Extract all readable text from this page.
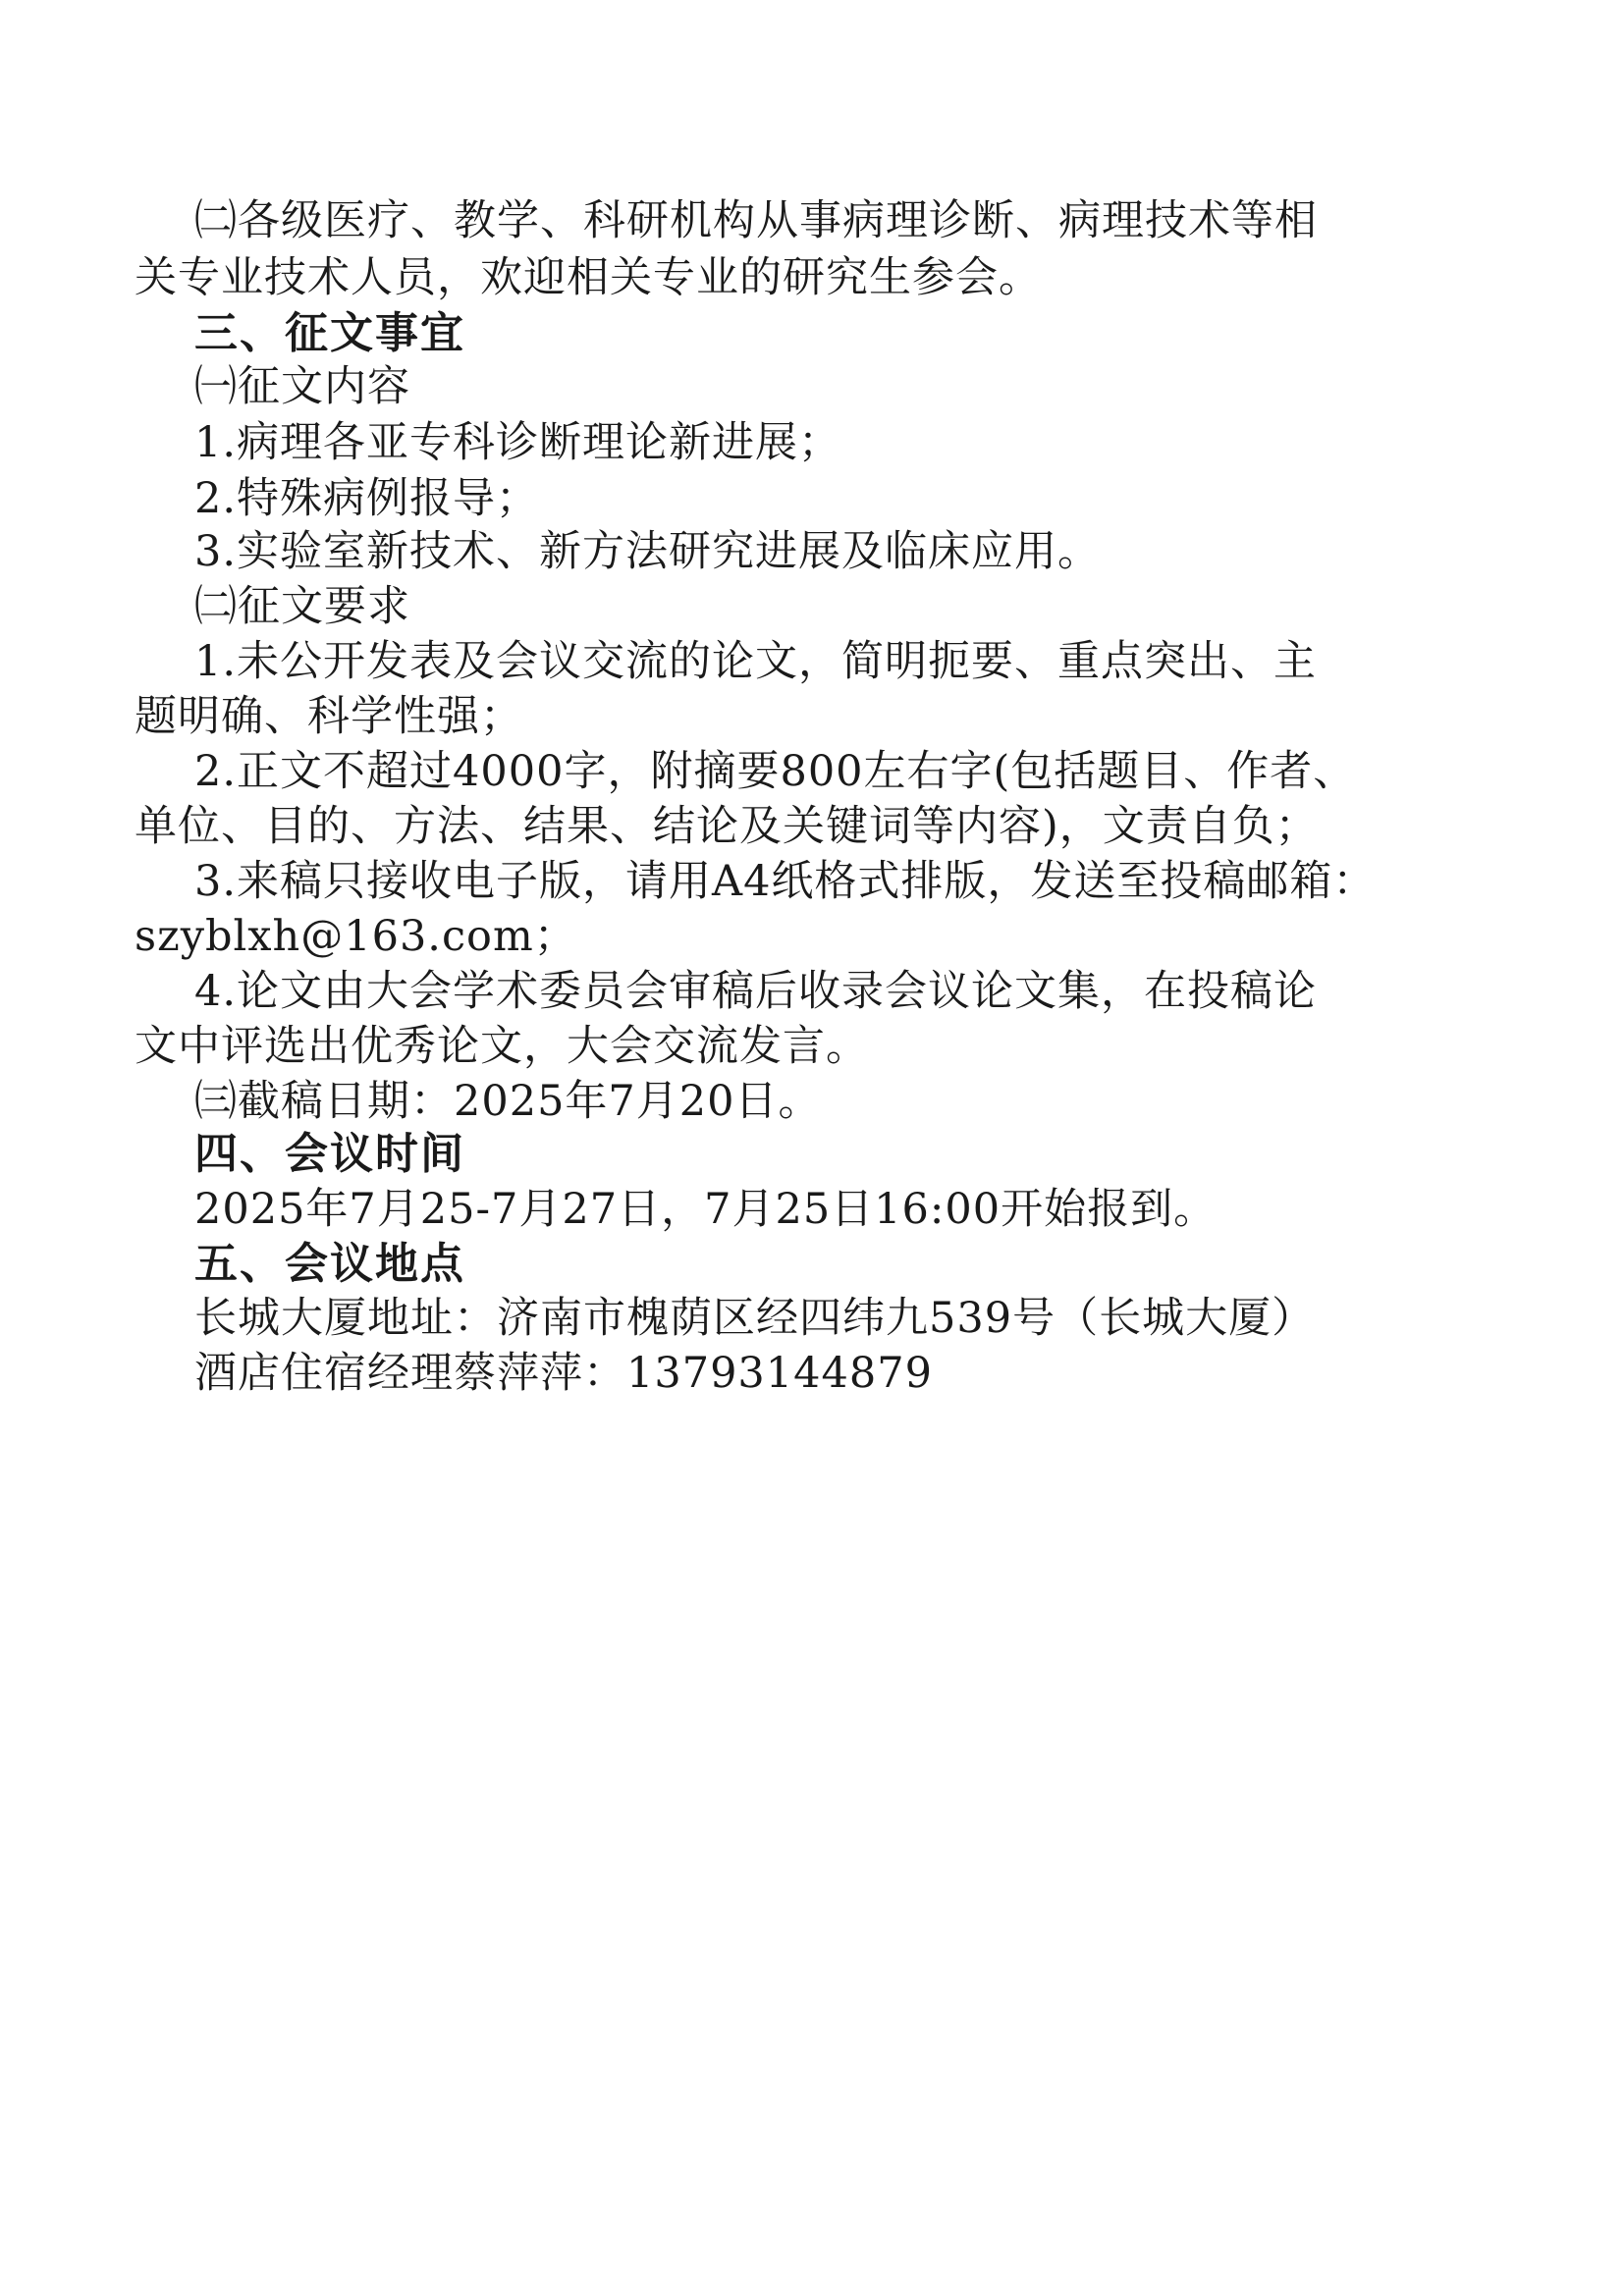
㈡各级医疗、教学、科研机构从事病理诊断、病理技术等相
关专业技术人员，欢迎相关专业的研究生参会。
三、征文事宜
㈠征文内容
1.病理各亚专科诊断理论新进展；
2.特殊病例报导；
3.实验室新技术、新方法研究进展及临床应用。
㈡征文要求
1.未公开发表及会议交流的论文，简明扼要、重点突出、主
题明确、科学性强；
2.正文不超过4000字，附摘要800左右字(包括题目、作者、
单位、目的、方法、结果、结论及关键词等内容)，文责自负；
3.来稿只接收电子版，请用A4纸格式排版，发送至投稿邮箱：
szyblxh@163.com；
4.论文由大会学术委员会审稿后收录会议论文集，在投稿论
文中评选出优秀论文，大会交流发言。
㈢截稿日期：2025年7月20日。
四、会议时间
2025年7月25-7月27日，7月25日16:00开始报到。
五、会议地点
长城大厦地址：济南市槐荫区经四纬九539号（长城大厦）
酒店住宿经理蔡萍萍：13793144879
